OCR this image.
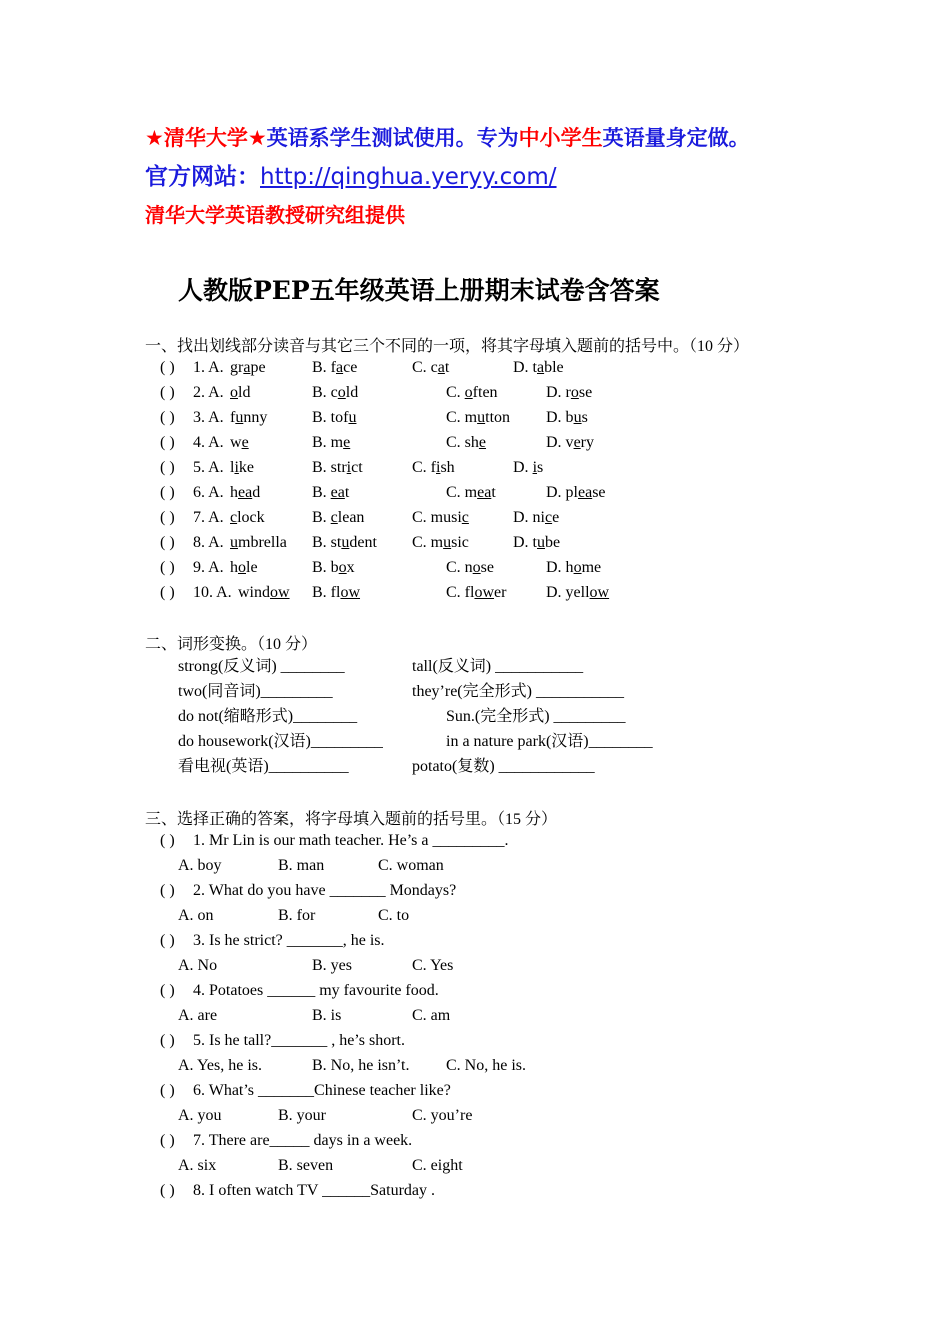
★清华大学★英语系学生测试使用。专为中小学生英语量身定做。
官方网站：http://qinghua.yeryy.com/
清华大学英语教授研究组提供
人教版PEP五年级英语上册期末试卷含答案
一、找出划线部分读音与其它三个不同的一项，将其字母填入题前的括号中。（10 分）
( ) 1. A. grape	B. face	C. cat	D. table
( ) 2. A. old	B. cold	C. often	D. rose
( ) 3. A. funny	B. tofu	C. mutton D. bus
( ) 4. A. we	B. me	C. she	D. very
( ) 5. A. like	B. strict	C. fish	D. is
( ) 6. A. head	B. eat	C. meat	D. please
( ) 7. A. clock	B. clean	C. music	D. nice
( ) 8. A. umbrella B. student C. music	D. tube
( ) 9. A. hole	B. box	C. nose	D. home
( ) 10. A. window B. flow	C. flower D. yellow
二、词形变换。（10 分）
strong(反义词) ________	tall(反义词) ___________
two(同音词)_________	they’re(完全形式) ___________
do not(缩略形式)________	Sun.(完全形式) _________
do housework(汉语)_________	in a nature park(汉语)________
看电视(英语)__________	potato(复数) ____________
三、选择正确的答案，将字母填入题前的括号里。（15 分）
( ) 1. Mr Lin is our math teacher. He’s a _________.
A. boy	B. man	C. woman
( ) 2. What do you have _______ Mondays?
A. on	B. for	C. to
( ) 3. Is he strict? _______, he is.
A. No	B. yes	C. Yes
( ) 4. Potatoes ______ my favourite food.
A. are	B. is	C. am
( ) 5. Is he tall?_______ , he’s short.
A. Yes, he is.	B. No, he isn’t. C. No, he is.
( ) 6. What’s _______Chinese teacher like?
A. you	B. your	C. you’re
( ) 7. There are_____ days in a week.
A. six	B. seven	C. eight
( ) 8. I often watch TV ______Saturday .
